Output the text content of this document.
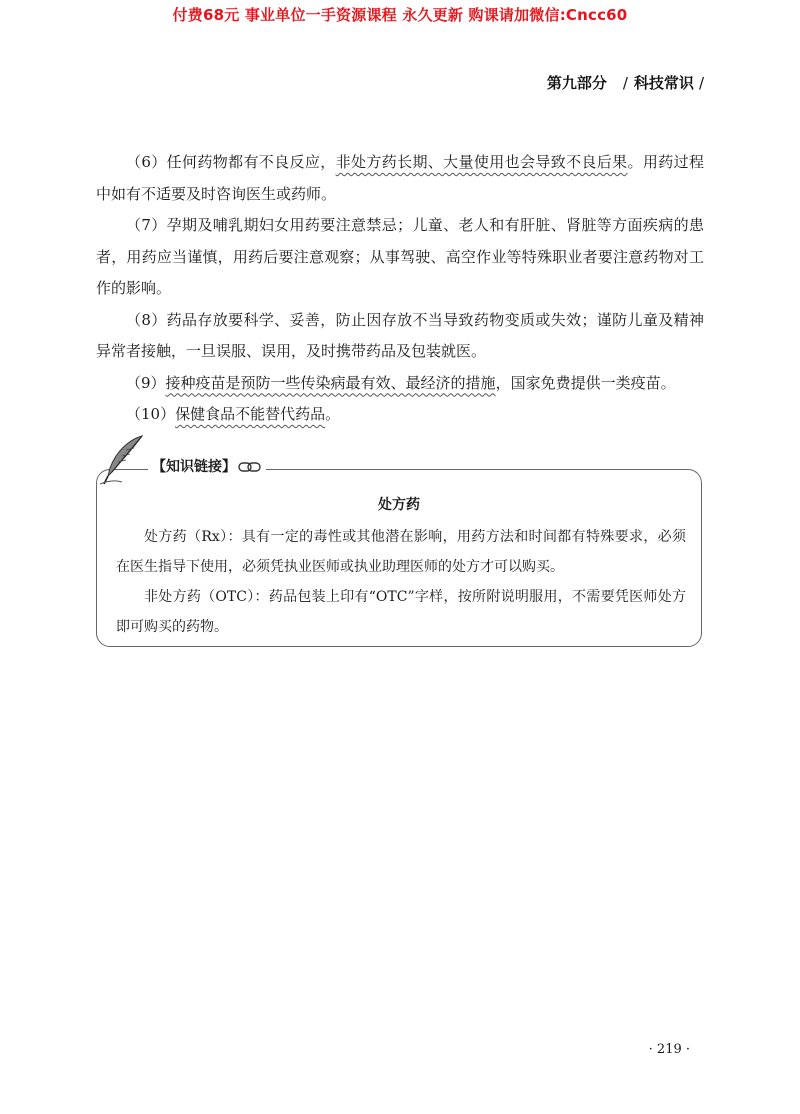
付费68元 事业单位一手资源课程 永久更新 购课请加微信:Cncc60
第九部分 / 科技常识 /

（6）任何药物都有不良反应，非处方药长期、大量使用也会导致不良后果。用药过程中如有不适要及时咨询医生或药师。

（7）孕期及哺乳期妇女用药要注意禁忌；儿童、老人和有肝脏、肾脏等方面疾病的患者，用药应当谨慎，用药后要注意观察；从事驾驶、高空作业等特殊职业者要注意药物对工作的影响。

（8）药品存放要科学、妥善，防止因存放不当导致药物变质或失效；谨防儿童及精神异常者接触，一旦误服、误用，及时携带药品及包装就医。

（9）接种疫苗是预防一些传染病最有效、最经济的措施，国家免费提供一类疫苗。

（10）保健食品不能替代药品。

【知识链接】
处方药

处方药（Rx）：具有一定的毒性或其他潜在影响，用药方法和时间都有特殊要求，必须在医生指导下使用，必须凭执业医师或执业助理医师的处方才可以购买。

非处方药（OTC）：药品包装上印有“OTC”字样，按所附说明服用，不需要凭医师处方即可购买的药物。

· 219 ·
